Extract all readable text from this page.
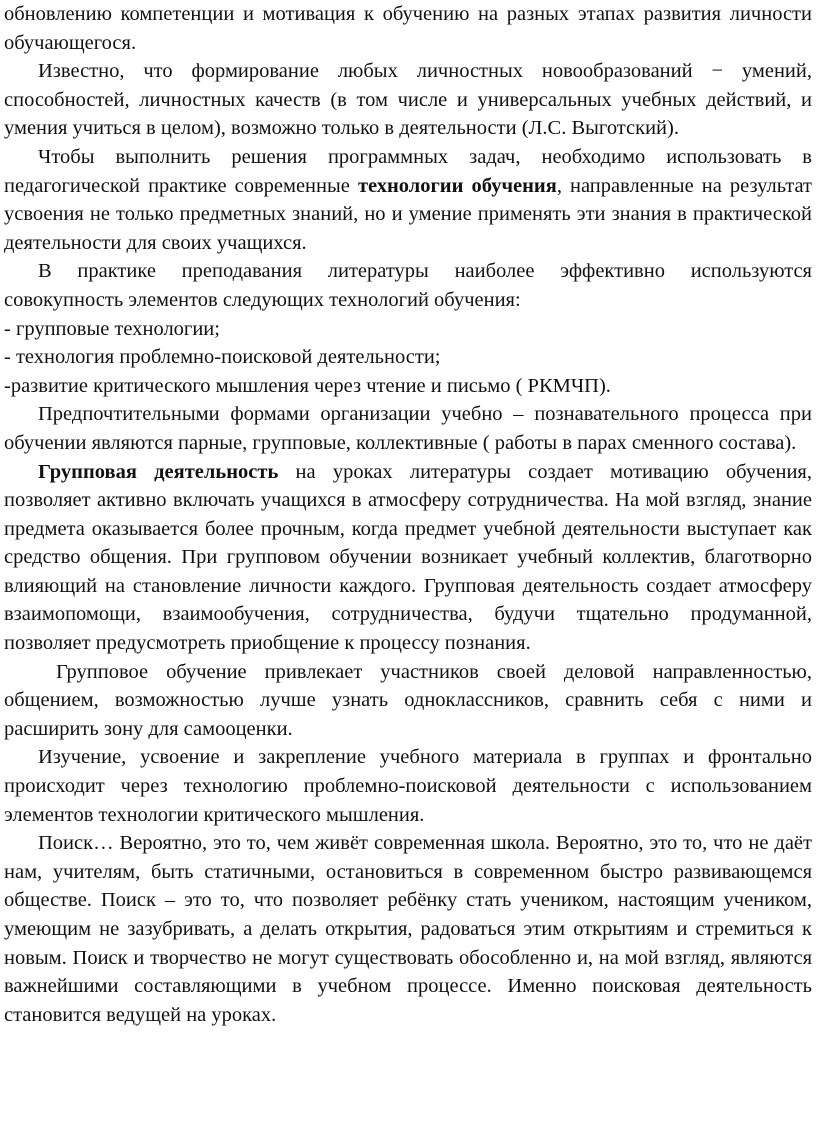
обновлению компетенции и мотивация к обучению на разных этапах развития личности обучающегося.

Известно, что формирование любых личностных новообразований − умений, способностей, личностных качеств (в том числе и универсальных учебных действий, и умения учиться в целом), возможно только в деятельности (Л.С. Выготский).

Чтобы выполнить решения программных задач, необходимо использовать в педагогической практике современные технологии обучения, направленные на результат усвоения не только предметных знаний, но и умение применять эти знания в практической деятельности для своих учащихся.

В практике преподавания литературы наиболее эффективно используются совокупность элементов следующих технологий обучения:

- групповые технологии;

- технология проблемно-поисковой деятельности;

-развитие критического мышления через чтение и письмо ( РКМЧП).

Предпочтительными формами организации учебно – познавательного процесса при обучении являются парные, групповые, коллективные ( работы в парах сменного состава).

Групповая деятельность на уроках литературы создает мотивацию обучения, позволяет активно включать учащихся в атмосферу сотрудничества. На мой взгляд, знание предмета оказывается более прочным, когда предмет учебной деятельности выступает как средство общения. При групповом обучении возникает учебный коллектив, благотворно влияющий на становление личности каждого. Групповая деятельность создает атмосферу взаимопомощи, взаимообучения, сотрудничества, будучи тщательно продуманной, позволяет предусмотреть приобщение к процессу познания.

Групповое обучение привлекает участников своей деловой направленностью, общением, возможностью лучше узнать одноклассников, сравнить себя с ними и расширить зону для самооценки.

Изучение, усвоение и закрепление учебного материала в группах и фронтально происходит через технологию проблемно-поисковой деятельности с использованием элементов технологии критического мышления.

Поиск… Вероятно, это то, чем живёт современная школа. Вероятно, это то, что не даёт нам, учителям, быть статичными, остановиться в современном быстро развивающемся обществе. Поиск – это то, что позволяет ребёнку стать учеником, настоящим учеником, умеющим не зазубривать, а делать открытия, радоваться этим открытиям и стремиться к новым. Поиск и творчество не могут существовать обособленно и, на мой взгляд, являются важнейшими составляющими в учебном процессе. Именно поисковая деятельность становится ведущей на уроках.
